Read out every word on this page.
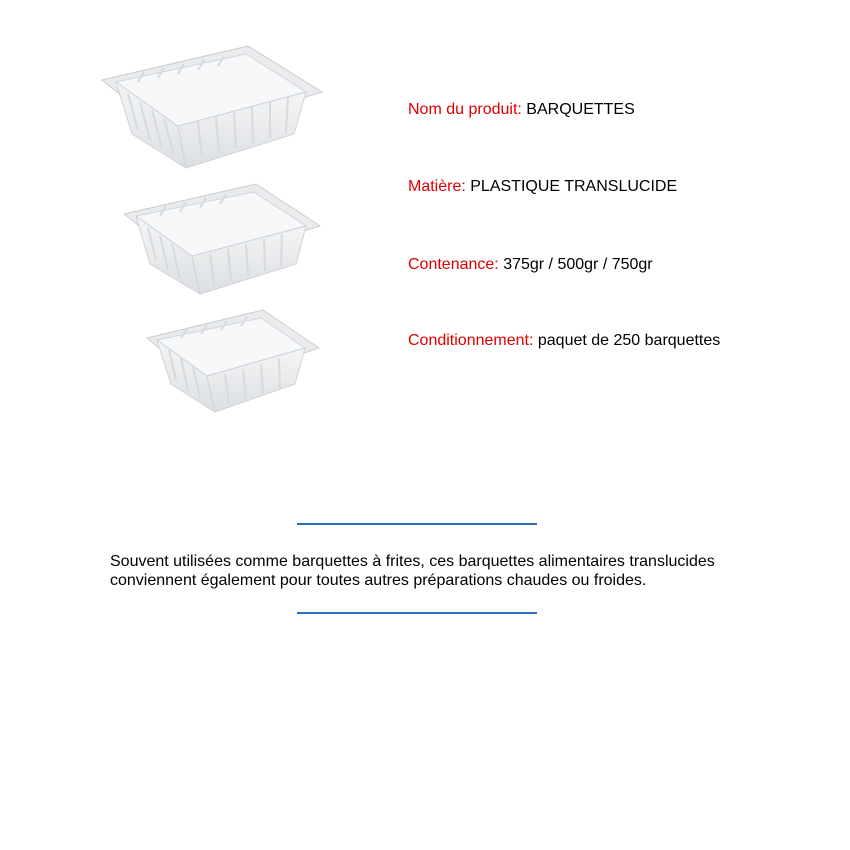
Nom du produit: BARQUETTES
Matière: PLASTIQUE TRANSLUCIDE
Contenance: 375gr / 500gr / 750gr
Conditionnement: paquet de 250 barquettes
Souvent utilisées comme barquettes à frites, ces barquettes alimentaires translucides
conviennent également pour toutes autres préparations chaudes ou froides.
